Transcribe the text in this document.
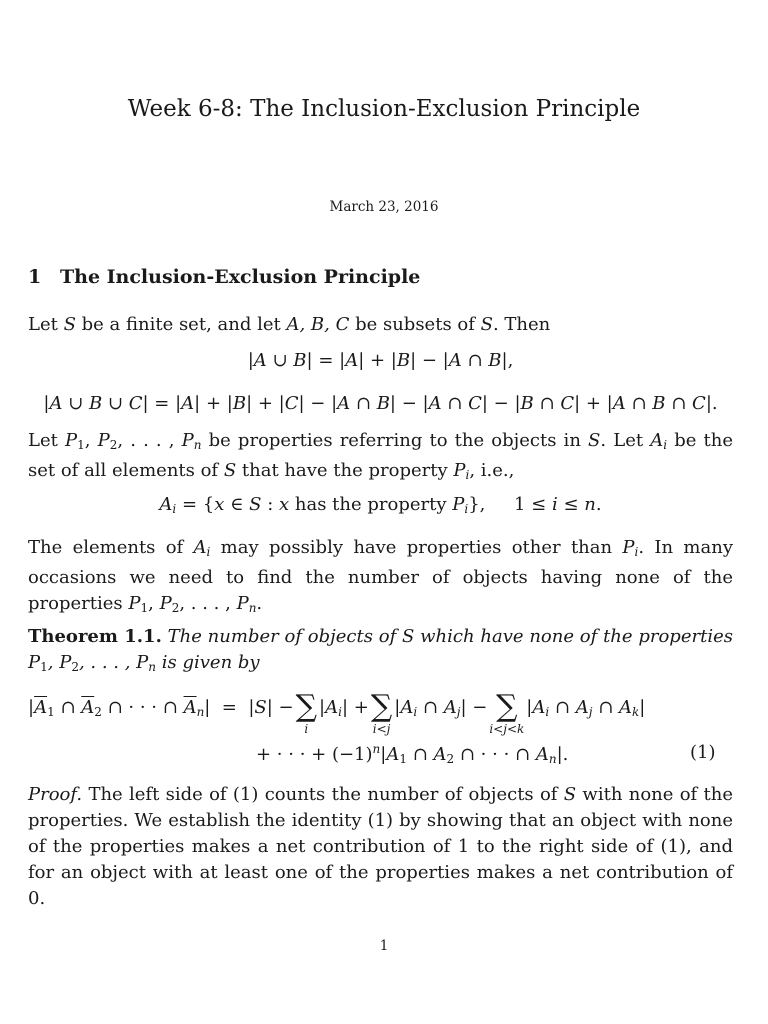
Week 6-8: The Inclusion-Exclusion Principle
March 23, 2016
1 The Inclusion-Exclusion Principle
Let S be a finite set, and let A, B, C be subsets of S. Then
|A ∪ B| = |A| + |B| − |A ∩ B|,
|A ∪ B ∪ C| = |A| + |B| + |C| − |A ∩ B| − |A ∩ C| − |B ∩ C| + |A ∩ B ∩ C|.
Let $P_1$, $P_2$, . . . , $P_n$ be properties referring to the objects in S. Let $A_i$ be the set of all elements of S that have the property $P_i$, i.e.,
$A_i = \{x$ ∈ S : x has the property $P_i$},     1 ≤ i ≤ n.
The elements of $A_i$ may possibly have properties other than $P_i$. In many occasions we need to find the number of objects having none of the properties $P_1$, $P_2$, . . . , $P_n$.
Theorem 1.1. The number of objects of S which have none of the properties $P_1$, $P_2$, . . . , $P_n$ is given by
$|\overline{A}_1$ ∩ $\overline{A}_2$ ∩ · · · ∩ $\overline{A}_n| = |S|$ − ∑
i
$|A_i|$ + ∑
i<j
$|A_i$ ∩ $A_j|$ − ∑
i<j<k
$|A_i$ ∩ $A_j$ ∩ $A_k|$
+ · · · + $(-1)^n|A_1$ ∩ $A_2$ ∩ · · · ∩ $A_n|$.	(1)
Proof. The left side of (1) counts the number of objects of S with none of the properties. We establish the identity (1) by showing that an object with none of the properties makes a net contribution of 1 to the right side of (1), and for an object with at least one of the properties makes a net contribution of 0.
1
